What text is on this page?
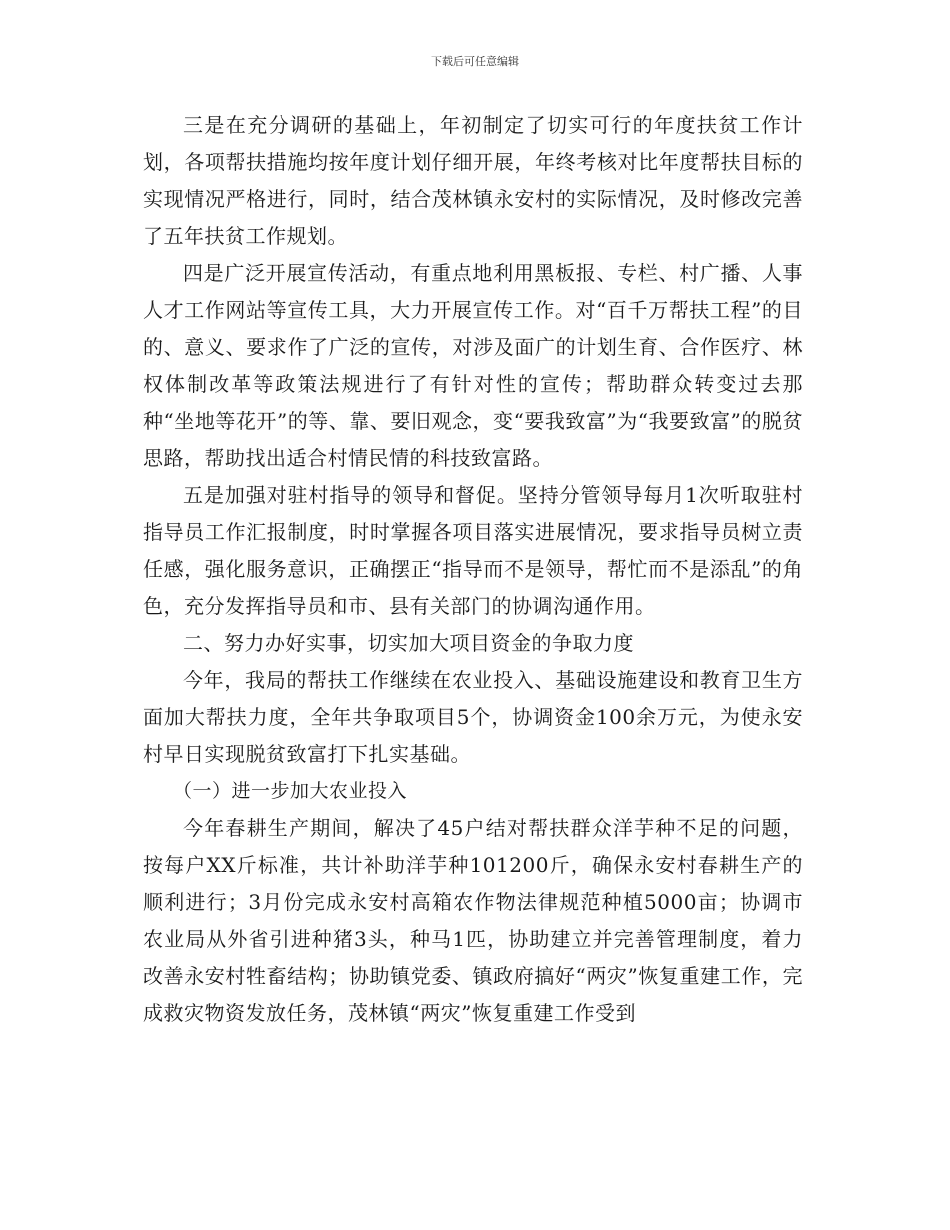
下载后可任意编辑

三是在充分调研的基础上，年初制定了切实可行的年度扶贫工作计划，各项帮扶措施均按年度计划仔细开展，年终考核对比年度帮扶目标的实现情况严格进行，同时，结合茂林镇永安村的实际情况，及时修改完善了五年扶贫工作规划。

四是广泛开展宣传活动，有重点地利用黑板报、专栏、村广播、人事人才工作网站等宣传工具，大力开展宣传工作。对“百千万帮扶工程”的目的、意义、要求作了广泛的宣传，对涉及面广的计划生育、合作医疗、林权体制改革等政策法规进行了有针对性的宣传；帮助群众转变过去那种“坐地等花开”的等、靠、要旧观念，变“要我致富”为“我要致富”的脱贫思路，帮助找出适合村情民情的科技致富路。

五是加强对驻村指导的领导和督促。坚持分管领导每月1次听取驻村指导员工作汇报制度，时时掌握各项目落实进展情况，要求指导员树立责任感，强化服务意识，正确摆正“指导而不是领导，帮忙而不是添乱”的角色，充分发挥指导员和市、县有关部门的协调沟通作用。

二、努力办好实事，切实加大项目资金的争取力度

今年，我局的帮扶工作继续在农业投入、基础设施建设和教育卫生方面加大帮扶力度，全年共争取项目5个，协调资金100余万元，为使永安村早日实现脱贫致富打下扎实基础。

（一）进一步加大农业投入

今年春耕生产期间，解决了45户结对帮扶群众洋芋种不足的问题，按每户XX斤标准，共计补助洋芋种101200斤，确保永安村春耕生产的顺利进行；3月份完成永安村高箱农作物法律规范种植5000亩；协调市农业局从外省引进种猪3头，种马1匹，协助建立并完善管理制度，着力改善永安村牲畜结构；协助镇党委、镇政府搞好“两灾”恢复重建工作，完成救灾物资发放任务，茂林镇“两灾”恢复重建工作受到
